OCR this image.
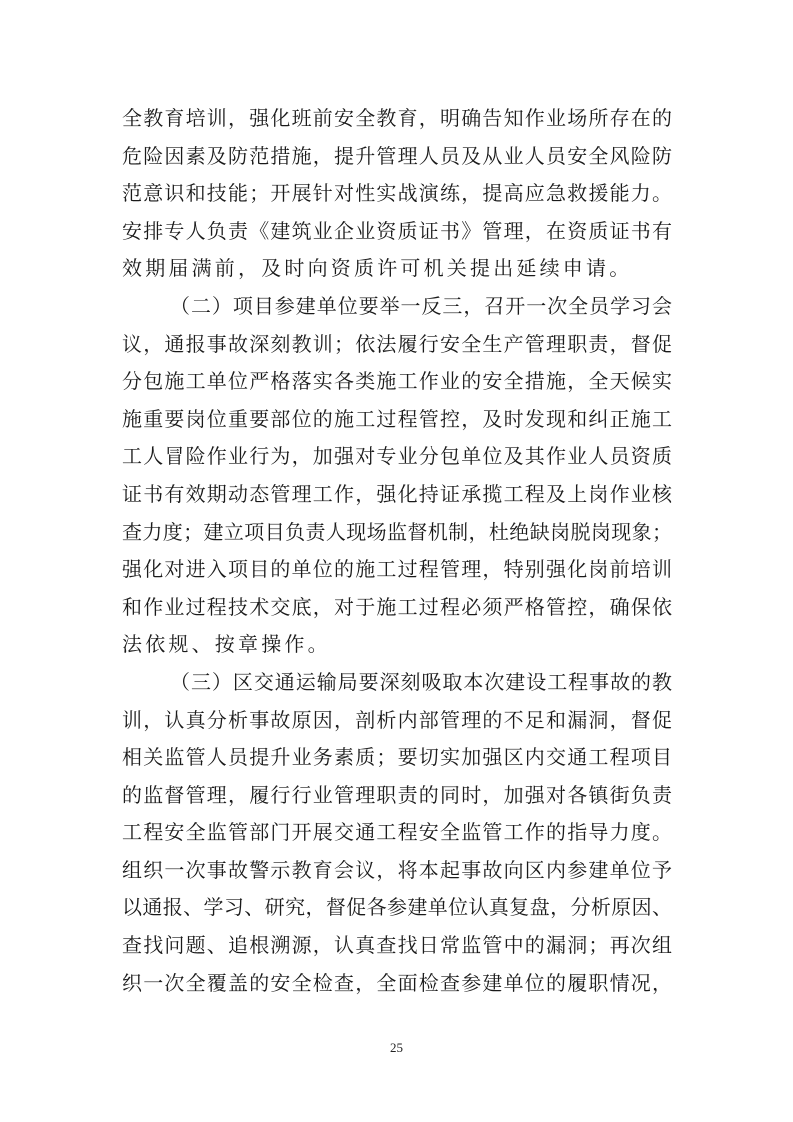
全教育培训，强化班前安全教育，明确告知作业场所存在的
危险因素及防范措施，提升管理人员及从业人员安全风险防
范意识和技能；开展针对性实战演练，提高应急救援能力。
安排专人负责《建筑业企业资质证书》管理，在资质证书有
效期届满前，及时向资质许可机关提出延续申请。
（二）项目参建单位要举一反三，召开一次全员学习会
议，通报事故深刻教训；依法履行安全生产管理职责，督促
分包施工单位严格落实各类施工作业的安全措施，全天候实
施重要岗位重要部位的施工过程管控，及时发现和纠正施工
工人冒险作业行为，加强对专业分包单位及其作业人员资质
证书有效期动态管理工作，强化持证承揽工程及上岗作业核
查力度；建立项目负责人现场监督机制，杜绝缺岗脱岗现象；
强化对进入项目的单位的施工过程管理，特别强化岗前培训
和作业过程技术交底，对于施工过程必须严格管控，确保依
法依规、按章操作。
（三）区交通运输局要深刻吸取本次建设工程事故的教
训，认真分析事故原因，剖析内部管理的不足和漏洞，督促
相关监管人员提升业务素质；要切实加强区内交通工程项目
的监督管理，履行行业管理职责的同时，加强对各镇街负责
工程安全监管部门开展交通工程安全监管工作的指导力度。
组织一次事故警示教育会议，将本起事故向区内参建单位予
以通报、学习、研究，督促各参建单位认真复盘，分析原因、
查找问题、追根溯源，认真查找日常监管中的漏洞；再次组
织一次全覆盖的安全检查，全面检查参建单位的履职情况，
25
